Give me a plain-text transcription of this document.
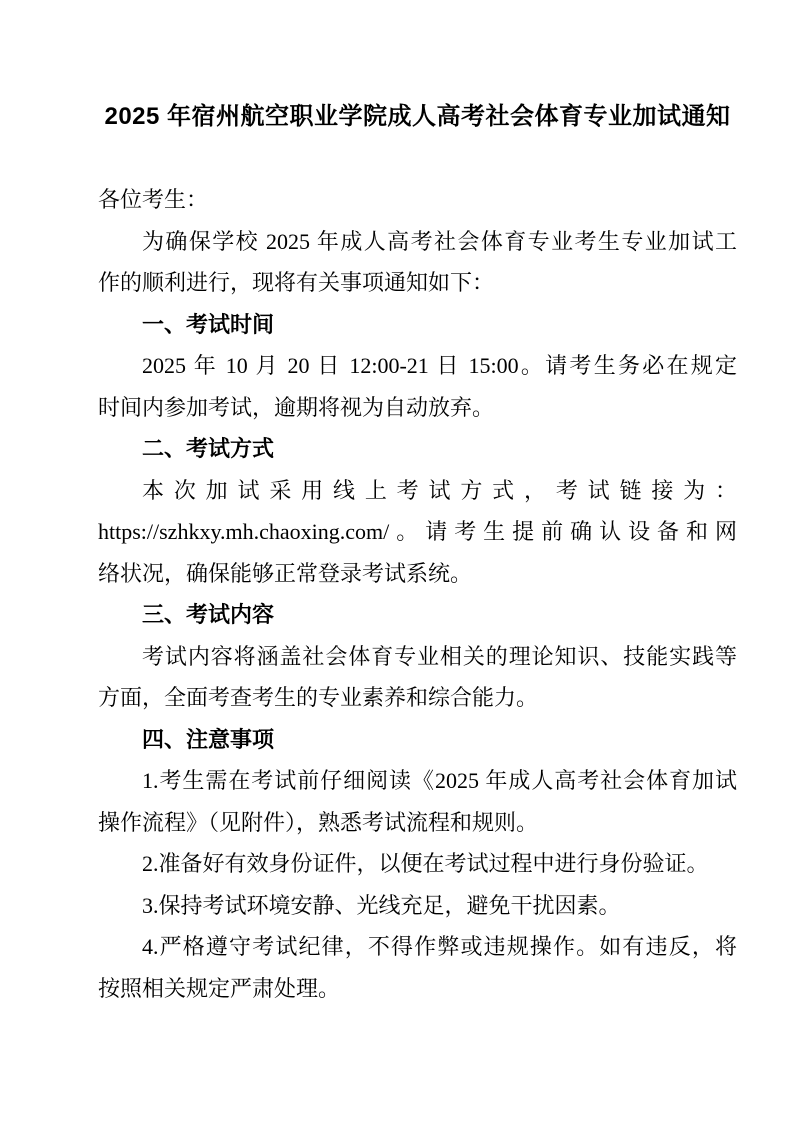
2025 年宿州航空职业学院成人高考社会体育专业加试通知
各位考生：
为确保学校 2025 年成人高考社会体育专业考生专业加试工
作的顺利进行，现将有关事项通知如下：
一、考试时间
2025 年 10 月 20 日 12:00-21 日 15:00。请考生务必在规定
时间内参加考试，逾期将视为自动放弃。
二、考试方式
本次加试采用线上考试方式，考试链接为：
https://szhkxy.mh.chaoxing.com/。请考生提前确认设备和网
络状况，确保能够正常登录考试系统。
三、考试内容
考试内容将涵盖社会体育专业相关的理论知识、技能实践等
方面，全面考查考生的专业素养和综合能力。
四、注意事项
1.考生需在考试前仔细阅读《2025 年成人高考社会体育加试
操作流程》（见附件），熟悉考试流程和规则。
2.准备好有效身份证件，以便在考试过程中进行身份验证。
3.保持考试环境安静、光线充足，避免干扰因素。
4.严格遵守考试纪律，不得作弊或违规操作。如有违反，将
按照相关规定严肃处理。
